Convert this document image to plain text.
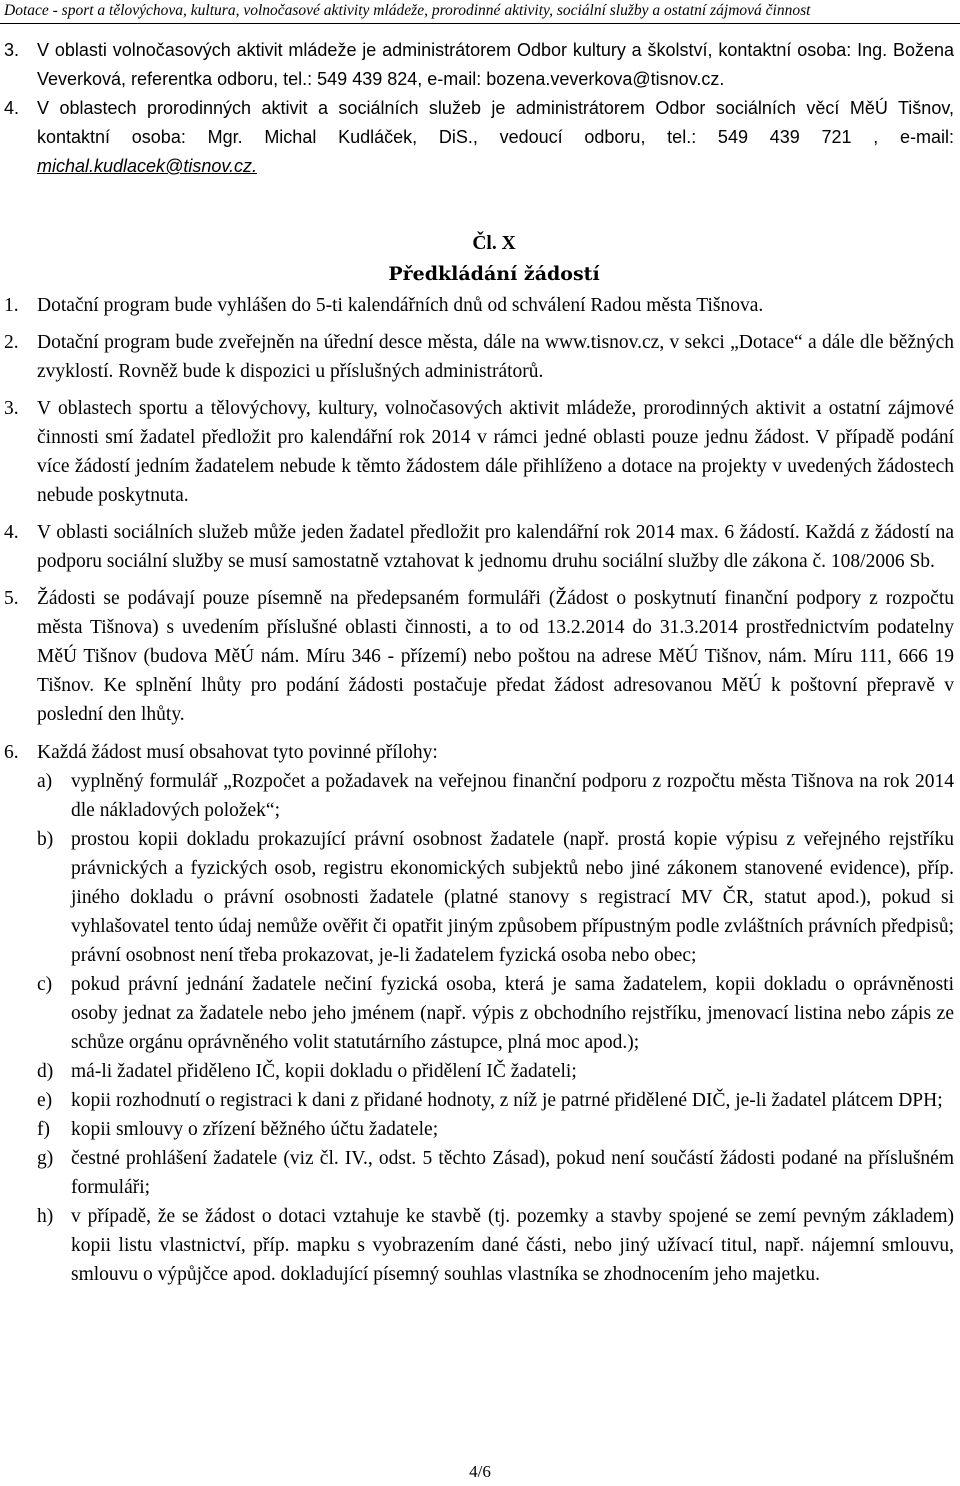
Dotace - sport a tělovýchova, kultura, volnočasové aktivity mládeže, prorodinné aktivity, sociální služby a ostatní zájmová činnost
3. V oblasti volnočasových aktivit mládeže je administrátorem Odbor kultury a školství, kontaktní osoba: Ing. Božena Veverková, referentka odboru, tel.: 549 439 824, e-mail: bozena.veverkova@tisnov.cz.
4. V oblastech prorodinných aktivit a sociálních služeb je administrátorem Odbor sociálních věcí MěÚ Tišnov, kontaktní osoba: Mgr. Michal Kudláček, DiS., vedoucí odboru, tel.: 549 439 721 , e-mail: michal.kudlacek@tisnov.cz.
Čl. X
Předkládání žádostí
1. Dotační program bude vyhlášen do 5-ti kalendářních dnů od schválení Radou města Tišnova.
2. Dotační program bude zveřejněn na úřední desce města, dále na www.tisnov.cz, v sekci „Dotace“ a dále dle běžných zvyklostí. Rovněž bude k dispozici u příslušných administrátorů.
3. V oblastech sportu a tělovýchovy, kultury, volnočasových aktivit mládeže, prorodinných aktivit a ostatní zájmové činnosti smí žadatel předložit pro kalendářní rok 2014 v rámci jedné oblasti pouze jednu žádost. V případě podání více žádostí jedním žadatelem nebude k těmto žádostem dále přihlíženo a dotace na projekty v uvedených žádostech nebude poskytnuta.
4. V oblasti sociálních služeb může jeden žadatel předložit pro kalendářní rok 2014 max. 6 žádostí. Každá z žádostí na podporu sociální služby se musí samostatně vztahovat k jednomu druhu sociální služby dle zákona č. 108/2006 Sb.
5. Žádosti se podávají pouze písemně na předepsaném formuláři (Žádost o poskytnutí finanční podpory z rozpočtu města Tišnova) s uvedením příslušné oblasti činnosti, a to od 13.2.2014 do 31.3.2014 prostřednictvím podatelny MěÚ Tišnov (budova MěÚ nám. Míru 346 - přízemí) nebo poštou na adrese MěÚ Tišnov, nám. Míru 111, 666 19 Tišnov. Ke splnění lhůty pro podání žádosti postačuje předat žádost adresovanou MěÚ k poštovní přepravě v poslední den lhůty.
6. Každá žádost musí obsahovat tyto povinné přílohy:
a) vyplněný formulář „Rozpočet a požadavek na veřejnou finanční podporu z rozpočtu města Tišnova na rok 2014 dle nákladových položek“;
b) prostou kopii dokladu prokazující právní osobnost žadatele (např. prostá kopie výpisu z veřejného rejstříku právnických a fyzických osob, registru ekonomických subjektů nebo jiné zákonem stanovené evidence), příp. jiného dokladu o právní osobnosti žadatele (platné stanovy s registrací MV ČR, statut apod.), pokud si vyhlašovatel tento údaj nemůže ověřit či opatřit jiným způsobem přípustným podle zvláštních právních předpisů; právní osobnost není třeba prokazovat, je-li žadatelem fyzická osoba nebo obec;
c) pokud právní jednání žadatele nečiní fyzická osoba, která je sama žadatelem, kopii dokladu o oprávněnosti osoby jednat za žadatele nebo jeho jménem (např. výpis z obchodního rejstříku, jmenovací listina nebo zápis ze schůze orgánu oprávněného volit statutárního zástupce, plná moc apod.);
d) má-li žadatel přiděleno IČ, kopii dokladu o přidělení IČ žadateli;
e) kopii rozhodnutí o registraci k dani z přidané hodnoty, z níž je patrné přidělené DIČ, je-li žadatel plátcem DPH;
f) kopii smlouvy o zřízení běžného účtu žadatele;
g) čestné prohlášení žadatele (viz čl. IV., odst. 5 těchto Zásad), pokud není součástí žádosti podané na příslušném formuláři;
h) v případě, že se žádost o dotaci vztahuje ke stavbě (tj. pozemky a stavby spojené se zemí pevným základem) kopii listu vlastnictví, příp. mapku s vyobrazením dané části, nebo jiný užívací titul, např. nájemní smlouvu, smlouvu o výpůjčce apod. dokladující písemný souhlas vlastníka se zhodnocením jeho majetku.
4/6
